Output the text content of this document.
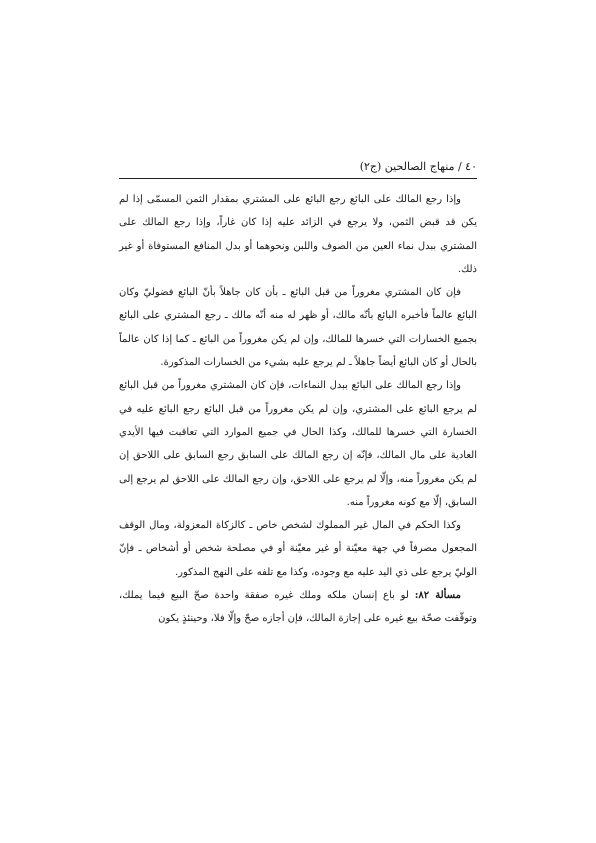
٤٠ / منهاج الصالحين (ج٢)

وإذا رجع المالك على البائع رجع البائع على المشتري بمقدار الثمن المسمّى إذا لم يكن قد قبض الثمن، ولا يرجع في الزائد عليه إذا كان غاراً، وإذا رجع المالك على المشتري ببدل نماء العين من الصوف واللبن ونحوهما أو بدل المنافع المستوفاة أو غير ذلك.

فإن كان المشتري مغروراً من قبل البائع ـ بأن كان جاهلاً بأنّ البائع فضوليّ وكان البائع عالماً فأخبره البائع بأنّه مالك، أو ظهر له منه أنّه مالك ـ رجع المشتري على البائع بجميع الخسارات التي خسرها للمالك، وإن لم يكن مغروراً من البائع ـ كما إذا كان عالماً بالحال أو كان البائع أيضاً جاهلاً ـ لم يرجع عليه بشيء من الخسارات المذكورة.

وإذا رجع المالك على البائع ببدل النماءات، فإن كان المشتري مغروراً من قبل البائع لم يرجع البائع على المشتري، وإن لم يكن مغروراً من قبل البائع رجع البائع عليه في الخسارة التي خسرها للمالك، وكذا الحال في جميع الموارد التي تعاقبت فيها الأيدي العادية على مال المالك، فإنّه إن رجع المالك على السابق رجع السابق على اللاحق إن لم يكن مغروراً منه، وإلّا لم يرجع على اللاحق، وإن رجع المالك على اللاحق لم يرجع إلى السابق، إلّا مع كونه مغروراً منه.

وكذا الحكم في المال غير المملوك لشخص خاص ـ كالزكاة المعزولة، ومال الوقف المجعول مصرفاً في جهة معيّنة أو غير معيّنة أو في مصلحة شخص أو أشخاص ـ فإنّ الوليّ يرجع على ذي اليد عليه مع وجوده، وكذا مع تلفه على النهج المذكور.

مسألة ٨٢: لو باع إنسان ملكه وملك غيره صفقة واحدة صحّ البيع فيما يملك، وتوقّفت صحّة بيع غيره على إجازة المالك، فإن أجازه صحّ وإلّا فلا، وحينئذٍ يكون
